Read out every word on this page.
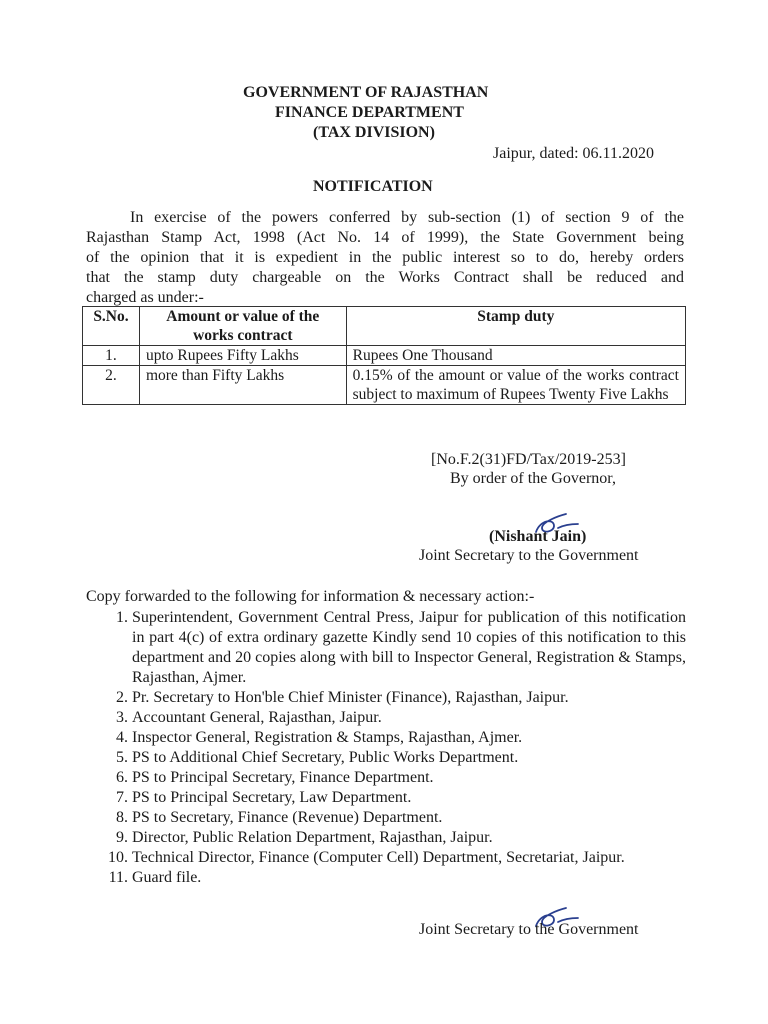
GOVERNMENT OF RAJASTHAN
FINANCE DEPARTMENT
(TAX DIVISION)
Jaipur, dated: 06.11.2020
NOTIFICATION
In exercise of the powers conferred by sub-section (1) of section 9 of the
Rajasthan Stamp Act, 1998 (Act No. 14 of 1999), the State Government being
of the opinion that it is expedient in the public interest so to do, hereby orders
that the stamp duty chargeable on the Works Contract shall be reduced and
charged as under:-
S.No.	Amount or value of the works contract	Stamp duty
1.	upto Rupees Fifty Lakhs	Rupees One Thousand
2.	more than Fifty Lakhs	0.15% of the amount or value of the works contract subject to maximum of Rupees Twenty Five Lakhs
[No.F.2(31)FD/Tax/2019-253]
By order of the Governor,
(Nishant Jain)
Joint Secretary to the Government
Copy forwarded to the following for information & necessary action:-
1. Superintendent, Government Central Press, Jaipur for publication of this notification in part 4(c) of extra ordinary gazette Kindly send 10 copies of this notification to this department and 20 copies along with bill to Inspector General, Registration & Stamps, Rajasthan, Ajmer.
2. Pr. Secretary to Hon'ble Chief Minister (Finance), Rajasthan, Jaipur.
3. Accountant General, Rajasthan, Jaipur.
4. Inspector General, Registration & Stamps, Rajasthan, Ajmer.
5. PS to Additional Chief Secretary, Public Works Department.
6. PS to Principal Secretary, Finance Department.
7. PS to Principal Secretary, Law Department.
8. PS to Secretary, Finance (Revenue) Department.
9. Director, Public Relation Department, Rajasthan, Jaipur.
10. Technical Director, Finance (Computer Cell) Department, Secretariat, Jaipur.
11. Guard file.
Joint Secretary to the Government
